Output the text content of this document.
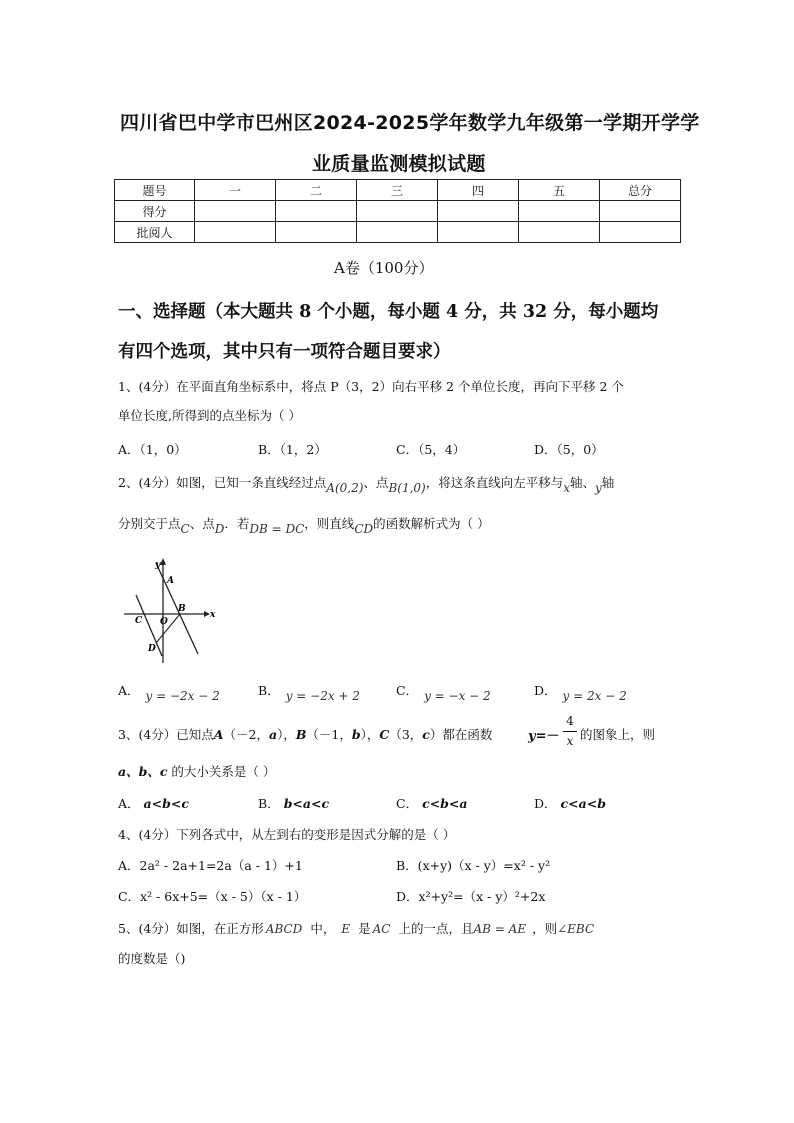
四川省巴中学市巴州区2024-2025学年数学九年级第一学期开学学
业质量监测模拟试题
题号	一	二	三	四	五	总分
得分						
批阅人						
A卷（100分）
一、选择题（本大题共 8 个小题，每小题 4 分，共 32 分，每小题均
有四个选项，其中只有一项符合题目要求）
1、(4分）在平面直角坐标系中，将点 P（3，2）向右平移 2 个单位长度，再向下平移 2 个
单位长度,所得到的点坐标为（ ）
A．（1，0）	B．（1，2）	C．（5，4）	D．（5，0）
2、(4分）如图，已知一条直线经过点A(0,2)、点B(1,0)，将这条直线向左平移与x轴、y轴
分别交于点C、点D．若DB = DC，则直线CD的函数解析式为（ ）
y
x
A
B
C O
D
A． y = −2x − 2	B． y = −2x + 2	C． y = −x − 2	D． y = 2x − 2
3、(4分）已知点A（－2，a），B（－1，b），C（3，c）都在函数	y=－
4
x 的图象上，则
a、b、c 的大小关系是（ ）
A． a<b<c	B． b<a<c	C． c<b<a	D． c<a<b
4、(4分）下列各式中，从左到右的变形是因式分解的是（ ）
A．2a² - 2a+1=2a（a - 1）+1	B．(x+y)（x - y）=x² - y²
C．x² - 6x+5=（x - 5）（x - 1）	D．x²+y²=（x - y）²+2x
5、(4分）如图，在正方形 ABCD 中， E 是 AC 上的一点，且AB = AE ，则∠EBC
的度数是（)
